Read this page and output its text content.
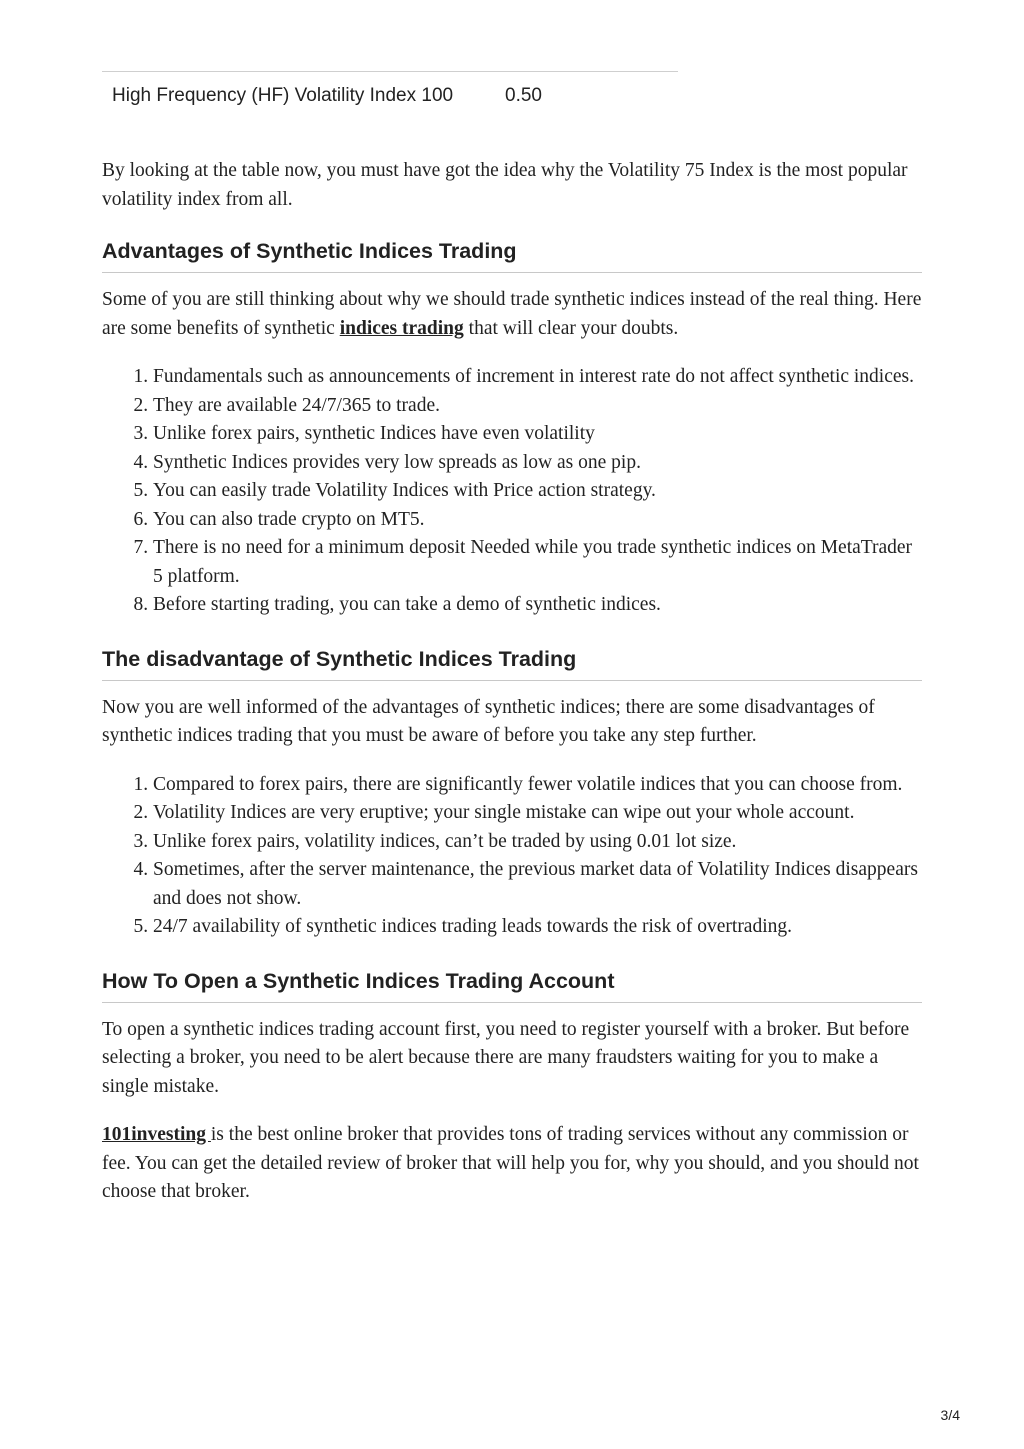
High Frequency (HF) Volatility Index 100	0.50

By looking at the table now, you must have got the idea why the Volatility 75 Index is the most popular volatility index from all.

Advantages of Synthetic Indices Trading

Some of you are still thinking about why we should trade synthetic indices instead of the real thing. Here are some benefits of synthetic indices trading that will clear your doubts.

1. Fundamentals such as announcements of increment in interest rate do not affect synthetic indices.
2. They are available 24/7/365 to trade.
3. Unlike forex pairs, synthetic Indices have even volatility
4. Synthetic Indices provides very low spreads as low as one pip.
5. You can easily trade Volatility Indices with Price action strategy.
6. You can also trade crypto on MT5.
7. There is no need for a minimum deposit Needed while you trade synthetic indices on MetaTrader 5 platform.
8. Before starting trading, you can take a demo of synthetic indices.
The disadvantage of Synthetic Indices Trading

Now you are well informed of the advantages of synthetic indices; there are some disadvantages of synthetic indices trading that you must be aware of before you take any step further.

1. Compared to forex pairs, there are significantly fewer volatile indices that you can choose from.
2. Volatility Indices are very eruptive; your single mistake can wipe out your whole account.
3. Unlike forex pairs, volatility indices, can’t be traded by using 0.01 lot size.
4. Sometimes, after the server maintenance, the previous market data of Volatility Indices disappears and does not show.
5. 24/7 availability of synthetic indices trading leads towards the risk of overtrading.
How To Open a Synthetic Indices Trading Account

To open a synthetic indices trading account first, you need to register yourself with a broker. But before selecting a broker, you need to be alert because there are many fraudsters waiting for you to make a single mistake.

101investing is the best online broker that provides tons of trading services without any commission or fee. You can get the detailed review of broker that will help you for, why you should, and you should not choose that broker.

3/4
